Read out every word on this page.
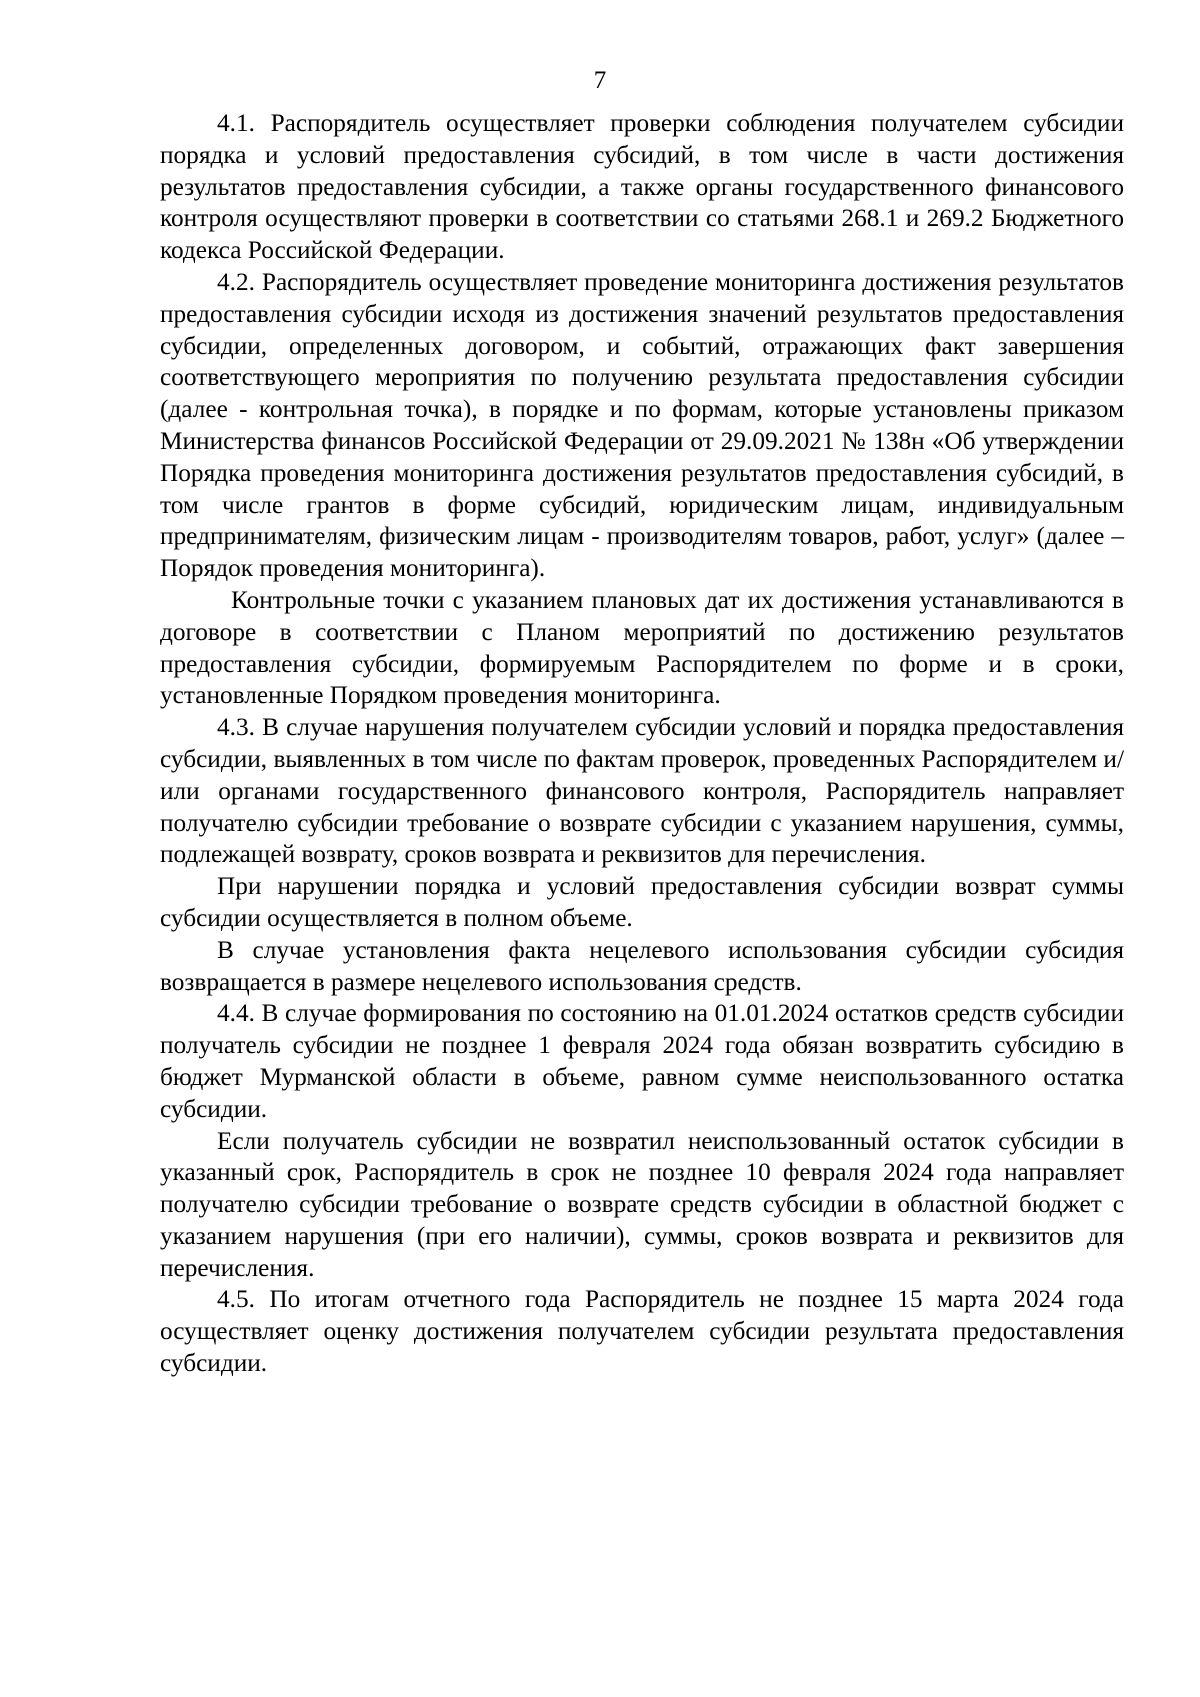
7

4.1. Распорядитель осуществляет проверки соблюдения получателем субсидии порядка и условий предоставления субсидий, в том числе в части достижения результатов предоставления субсидии, а также органы государственного финансового контроля осуществляют проверки в соответствии со статьями 268.1 и 269.2 Бюджетного кодекса Российской Федерации.

4.2. Распорядитель осуществляет проведение мониторинга достижения результатов предоставления субсидии исходя из достижения значений результатов предоставления субсидии, определенных договором, и событий, отражающих факт завершения соответствующего мероприятия по получению результата предоставления субсидии (далее - контрольная точка), в порядке и по формам, которые установлены приказом Министерства финансов Российской Федерации от 29.09.2021 № 138н «Об утверждении Порядка проведения мониторинга достижения результатов предоставления субсидий, в том числе грантов в форме субсидий, юридическим лицам, индивидуальным предпринимателям, физическим лицам - производителям товаров, работ, услуг» (далее – Порядок проведения мониторинга).

Контрольные точки с указанием плановых дат их достижения устанавливаются в договоре в соответствии с Планом мероприятий по достижению результатов предоставления субсидии, формируемым Распорядителем по форме и в сроки, установленные Порядком проведения мониторинга.

4.3. В случае нарушения получателем субсидии условий и порядка предоставления субсидии, выявленных в том числе по фактам проверок, проведенных Распорядителем и/или органами государственного финансового контроля, Распорядитель направляет получателю субсидии требование о возврате субсидии с указанием нарушения, суммы, подлежащей возврату, сроков возврата и реквизитов для перечисления.

При нарушении порядка и условий предоставления субсидии возврат суммы субсидии осуществляется в полном объеме.

В случае установления факта нецелевого использования субсидии субсидия возвращается в размере нецелевого использования средств.

4.4. В случае формирования по состоянию на 01.01.2024 остатков средств субсидии получатель субсидии не позднее 1 февраля 2024 года обязан возвратить субсидию в бюджет Мурманской области в объеме, равном сумме неиспользованного остатка субсидии.

Если получатель субсидии не возвратил неиспользованный остаток субсидии в указанный срок, Распорядитель в срок не позднее 10 февраля 2024 года направляет получателю субсидии требование о возврате средств субсидии в областной бюджет с указанием нарушения (при его наличии), суммы, сроков возврата и реквизитов для перечисления.

4.5. По итогам отчетного года Распорядитель не позднее 15 марта 2024 года осуществляет оценку достижения получателем субсидии результата предоставления субсидии.
